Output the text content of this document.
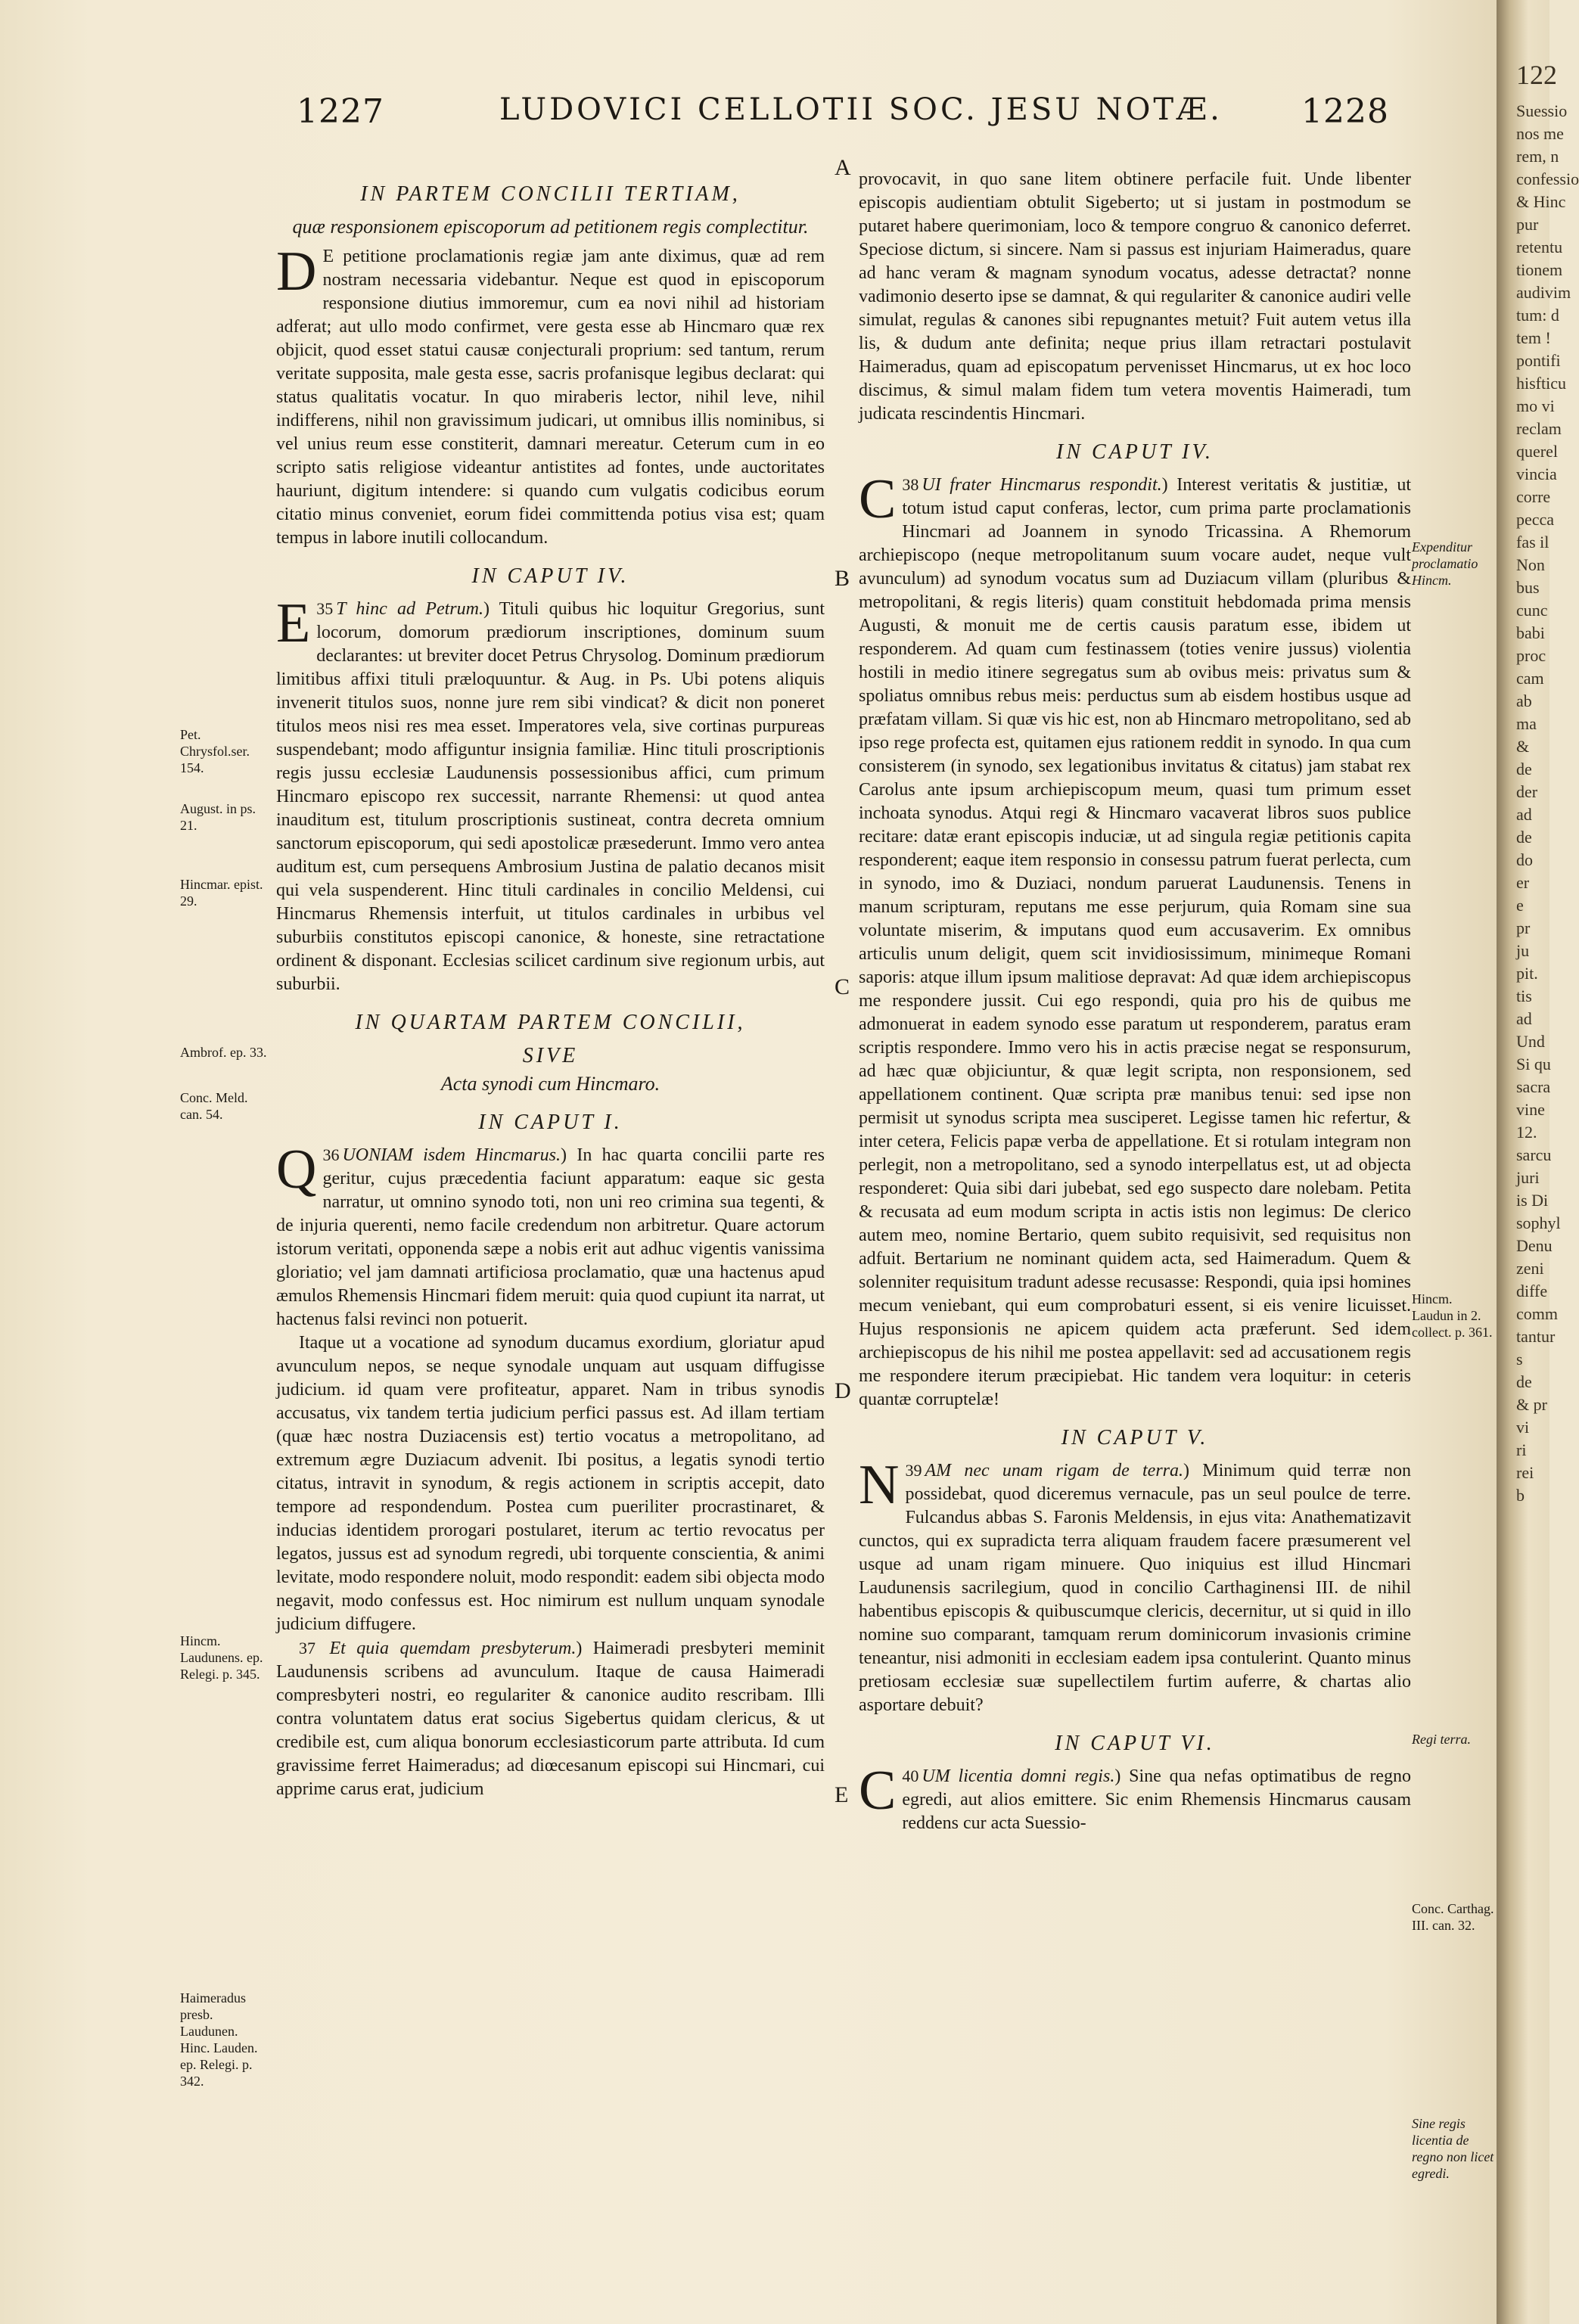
1227	LUDOVICI CELLOTII SOC. JESU NOTÆ. 1228
IN PARTEM CONCILII TERTIAM,
quæ responsionem episcoporum ad petitionem regis complectitur.

D E petitione proclamationis regiæ jam ante diximus, quæ ad rem nostram necessaria videbantur. Neque est quod in episcoporum responsione diutius immoremur, cum ea novi nihil ad historiam adferat; aut ullo modo confirmet, vere gesta esse ab Hincmaro quæ rex objicit, quod esset statui causæ conjecturali proprium: sed tantum, rerum veritate supposita, male gesta esse, sacris profanisque legibus declarat: qui status qualitatis vocatur. In quo miraberis lector, nihil leve, nihil indifferens, nihil non gravissimum judicari, ut omnibus illis nominibus, si vel unius reum esse constiterit, damnari mereatur. Ceterum cum in eo scripto satis religiose videantur antistites ad fontes, unde auctoritates hauriunt, digitum intendere: si quando cum vulgatis codicibus eorum citatio minus conveniet, eorum fidei committenda potius visa est; quam tempus in labore inutili collocandum.

IN CAPUT IV.

35
E T hinc ad Petrum.) Tituli quibus hic loquitur Gregorius, sunt locorum, domorum prædiorum inscriptiones, dominum suum declarantes: ut breviter docet Petrus Chrysolog. Dominum prædiorum limitibus affixi tituli præloquuntur. & Aug. in Ps. Ubi potens aliquis invenerit titulos suos, nonne jure rem sibi vindicat? & dicit non poneret titulos meos nisi res mea esset. Imperatores vela, sive cortinas purpureas suspendebant; modo affiguntur insignia familiæ. Hinc tituli proscriptionis regis jussu ecclesiæ Laudunensis possessionibus affici, cum primum Hincmaro episcopo rex successit, narrante Rhemensi: ut quod antea inauditum est, titulum proscriptionis sustineat, contra decreta omnium sanctorum episcoporum, qui sedi apostolicæ præsederunt. Immo vero antea auditum est, cum persequens Ambrosium Justina de palatio decanos misit qui vela suspenderent. Hinc tituli cardinales in concilio Meldensi, cui Hincmarus Rhemensis interfuit, ut titulos cardinales in urbibus vel suburbiis constitutos episcopi canonice, & honeste, sine retractatione ordinent & disponant. Ecclesias scilicet cardinum sive regionum urbis, aut suburbii.

IN QUARTAM PARTEM CONCILII,
SIVE
Acta synodi cum Hincmaro.
IN CAPUT I.

36
Q UONIAM isdem Hincmarus.) In hac quarta concilii parte res geritur, cujus præcedentia faciunt apparatum: eaque sic gesta narratur, ut omnino synodo toti, non uni reo crimina sua tegenti, & de injuria querenti, nemo facile credendum non arbitretur. Quare actorum istorum veritati, opponenda sæpe a nobis erit aut adhuc vigentis vanissima gloriatio; vel jam damnati artificiosa proclamatio, quæ una hactenus apud æmulos Rhemensis Hincmari fidem meruit: quia quod cupiunt ita narrat, ut hactenus falsi revinci non potuerit.

Itaque ut a vocatione ad synodum ducamus exordium, gloriatur apud avunculum nepos, se neque synodale unquam aut usquam diffugisse judicium. id quam vere profiteatur, apparet. Nam in tribus synodis accusatus, vix tandem tertia judicium perfici passus est. Ad illam tertiam (quæ hæc nostra Duziacensis est) tertio vocatus a metropolitano, ad extremum ægre Duziacum advenit. Ibi positus, a legatis synodi tertio citatus, intravit in synodum, & regis actionem in scriptis accepit, dato tempore ad respondendum. Postea cum pueriliter procrastinaret, & inducias identidem prorogari postularet, iterum ac tertio revocatus per legatos, jussus est ad synodum regredi, ubi torquente conscientia, & animi levitate, modo respondere noluit, modo respondit: eadem sibi objecta modo negavit, modo confessus est. Hoc nimirum est nullum unquam synodale judicium diffugere.

37 Et quia quemdam presbyterum.) Haimeradi presbyteri meminit Laudunensis scribens ad avunculum. Itaque de causa Haimeradi compresbyteri nostri, eo regulariter & canonice audito rescribam. Illi contra voluntatem datus erat socius Sigebertus quidam clericus, & ut credibile est, cum aliqua bonorum ecclesiasticorum parte attributa. Id cum gravissime ferret Haimeradus; ad diœcesanum episcopi sui Hincmari, cui apprime carus erat, judicium

provocavit, in quo sane litem obtinere perfacile fuit. Unde libenter episcopis audientiam obtulit Sigeberto; ut si justam in postmodum se putaret habere querimoniam, loco & tempore congruo & canonico deferret. Speciose dictum, si sincere. Nam si passus est injuriam Haimeradus, quare ad hanc veram & magnam synodum vocatus, adesse detractat? nonne vadimonio deserto ipse se damnat, & qui regulariter & canonice audiri velle simulat, regulas & canones sibi repugnantes metuit? Fuit autem vetus illa lis, & dudum ante definita; neque prius illam retractari postulavit Haimeradus, quam ad episcopatum pervenisset Hincmarus, ut ex hoc loco discimus, & simul malam fidem tum vetera moventis Haimeradi, tum judicata rescindentis Hincmari.

IN CAPUT IV.

38
C UI frater Hincmarus respondit.) Interest veritatis & justitiæ, ut totum istud caput conferas, lector, cum prima parte proclamationis Hincmari ad Joannem in synodo Tricassina. A Rhemorum archiepiscopo (neque metropolitanum suum vocare audet, neque vult avunculum) ad synodum vocatus sum ad Duziacum villam (pluribus & metropolitani, & regis literis) quam constituit hebdomada prima mensis Augusti, & monuit me de certis causis paratum esse, ibidem ut responderem. Ad quam cum festinassem (toties venire jussus) violentia hostili in medio itinere segregatus sum ab ovibus meis: privatus sum & spoliatus omnibus rebus meis: perductus sum ab eisdem hostibus usque ad præfatam villam. Si quæ vis hic est, non ab Hincmaro metropolitano, sed ab ipso rege profecta est, quitamen ejus rationem reddit in synodo. In qua cum consisterem (in synodo, sex legationibus invitatus & citatus) jam stabat rex Carolus ante ipsum archiepiscopum meum, quasi tum primum esset inchoata synodus. Atqui regi & Hincmaro vacaverat libros suos publice recitare: datæ erant episcopis induciæ, ut ad singula regiæ petitionis capita responderent; eaque item responsio in consessu patrum fuerat perlecta, cum in synodo, imo & Duziaci, nondum paruerat Laudunensis. Tenens in manum scripturam, reputans me esse perjurum, quia Romam sine sua voluntate miserim, & imputans quod eum accusaverim. Ex omnibus articulis unum deligit, quem scit invidiosissimum, minimeque Romani saporis: atque illum ipsum malitiose depravat: Ad quæ idem archiepiscopus me respondere jussit. Cui ego respondi, quia pro his de quibus me admonuerat in eadem synodo esse paratum ut responderem, paratus eram scriptis respondere. Immo vero his in actis præcise negat se responsurum, ad hæc quæ objiciuntur, & quæ legit scripta, non responsionem, sed appellationem continent. Quæ scripta præ manibus tenui: sed ipse non permisit ut synodus scripta mea susciperet. Legisse tamen hic refertur, & inter cetera, Felicis papæ verba de appellatione. Et si rotulam integram non perlegit, non a metropolitano, sed a synodo interpellatus est, ut ad objecta responderet: Quia sibi dari jubebat, sed ego suspecto dare nolebam. Petita & recusata ad eum modum scripta in actis istis non legimus: De clerico autem meo, nomine Bertario, quem subito requisivit, sed requisitus non adfuit. Bertarium ne nominant quidem acta, sed Haimeradum. Quem & solenniter requisitum tradunt adesse recusasse: Respondi, quia ipsi homines mecum veniebant, qui eum comprobaturi essent, si eis venire licuisset. Hujus responsionis ne apicem quidem acta præferunt. Sed idem archiepiscopus de his nihil me postea appellavit: sed ad accusationem regis me respondere iterum præcipiebat. Hic tandem vera loquitur: in ceteris quantæ corruptelæ!

IN CAPUT V.

39
N AM nec unam rigam de terra.) Minimum quid terræ non possidebat, quod diceremus vernacule, pas un seul poulce de terre. Fulcandus abbas S. Faronis Meldensis, in ejus vita: Anathematizavit cunctos, qui ex supradicta terra aliquam fraudem facere præsumerent vel usque ad unam rigam minuere. Quo iniquius est illud Hincmari Laudunensis sacrilegium, quod in concilio Carthaginensi III. de nihil habentibus episcopis & quibuscumque clericis, decernitur, ut si quid in illo nomine suo comparant, tamquam rerum dominicorum invasionis crimine teneantur, nisi admoniti in ecclesiam eadem ipsa contulerint. Quanto minus pretiosam ecclesiæ suæ supellectilem furtim auferre, & chartas alio asportare debuit?

IN CAPUT VI.

40
C UM licentia domni regis.) Sine qua nefas optimatibus de regno egredi, aut alios emittere. Sic enim Rhemensis Hincmarus causam reddens cur acta Suessio-

Pet. Chrysfol.ser. 154.
August. in ps. 21.
Hincmar. epist. 29.
Ambrof. ep. 33.
Conc. Meld. can. 54.
Hincm. Laudunens. ep. Relegi. p. 345.
Haimeradus presb. Laudunen. Hinc. Lauden. ep. Relegi. p. 342.
Expenditur proclamatio Hincm.
Hincm. Laudun in 2. collect. p. 361.
Regi terra.
Conc. Carthag. III. can. 32.
Sine regis licentia de regno non licet egredi.
A
B
C
D
E
122
Suessio
nos me
rem, n
confessio
& Hinc
pur
retentu
tionem
audivim
tum: d
tem !
pontifi
hisfticu
mo vi
reclam
querel
vincia
corre
pecca
fas il
Non
bus
cunc
babi
proc
cam
ab
ma
&
de
der
ad
de
do
er
e
pr
ju
pit.
tis
ad
Und
Si qu
sacra
vine
12.
sarcu
juri
is Di
sophyl
Denu
zeni
diffe
comm
tantur
s
de
& pr
vi
ri
rei
b
